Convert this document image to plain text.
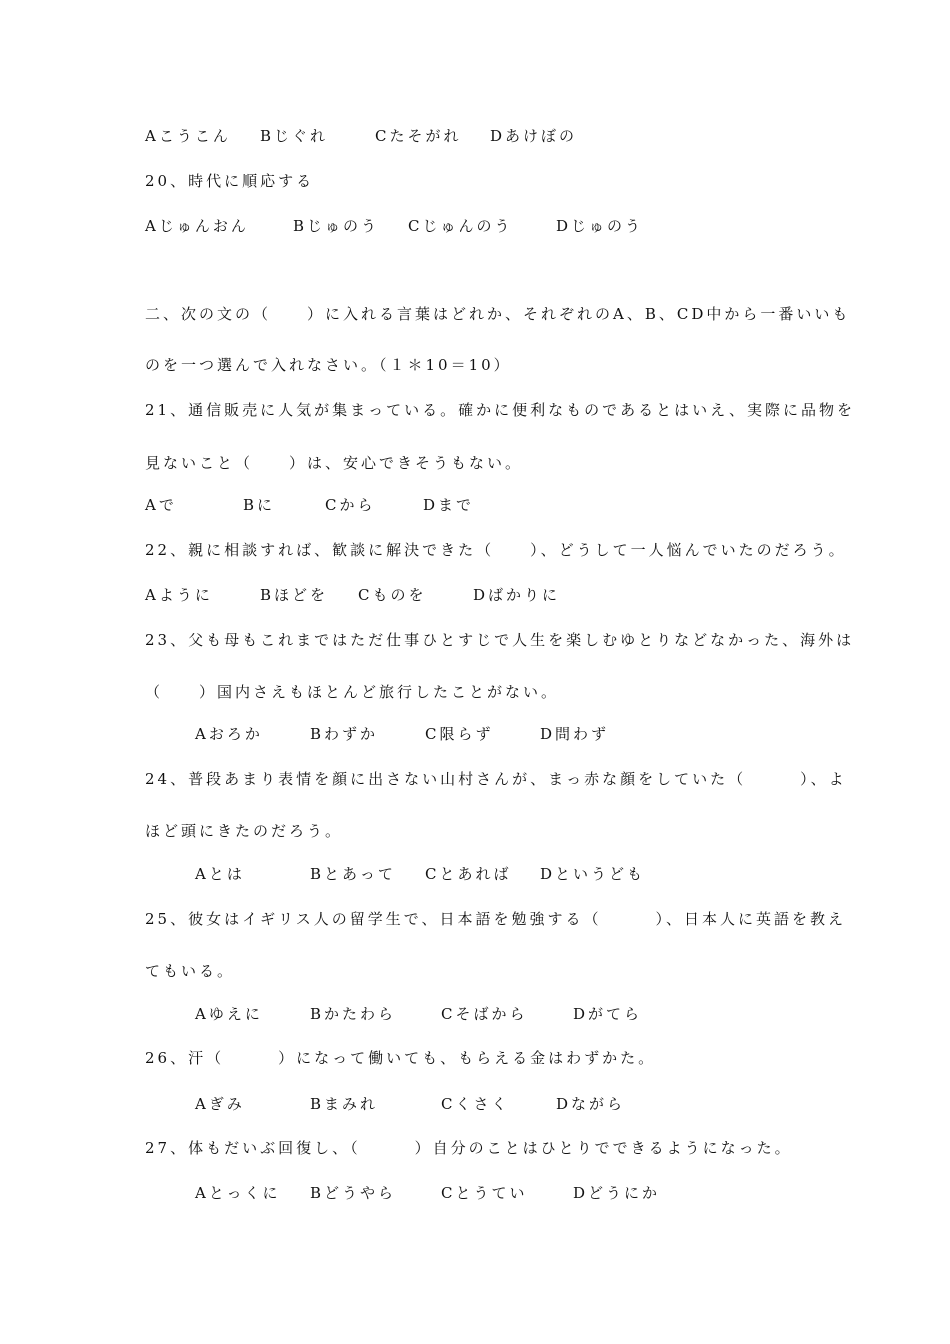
Aこうこん Bじぐれ	Cたそがれ Dあけぼの

20、時代に順応する

Aじゅんおん	Bじゅのう Cじゅんのう	Dじゅのう

二、次の文の（　　）に入れる言葉はどれか、それぞれのA、B、CD中から一番いいも

のを一つ選んで入れなさい。（１＊10＝10）

21、通信販売に人気が集まっている。確かに便利なものであるとはいえ、実際に品物を

見ないこと（　　）は、安心できそうもない。

Aで	Bに	Cから	Dまで

22、親に相談すれば、歓談に解決できた（　　）、どうして一人悩んでいたのだろう。

Aように	Bほどを Cものを	Dばかりに

23、父も母もこれまではただ仕事ひとすじで人生を楽しむゆとりなどなかった、海外は

（　　）国内さえもほとんど旅行したことがない。

Aおろか	Bわずか	C限らず	D問わず

24、普段あまり表情を顔に出さない山村さんが、まっ赤な顔をしていた（　　　）、よ

ほど頭にきたのだろう。

Aとは	Bとあって Cとあれば Dというども

25、彼女はイギリス人の留学生で、日本語を勉強する（　　　）、日本人に英語を教え

てもいる。

Aゆえに	Bかたわら	Cそばから	Dがてら

26、汗（　　　）になって働いても、もらえる金はわずかた。

Aぎみ	Bまみれ	Cくさく	Dながら

27、体もだいぶ回復し、（　　　）自分のことはひとりでできるようになった。

Aとっくに Bどうやら	Cとうてい	Dどうにか
